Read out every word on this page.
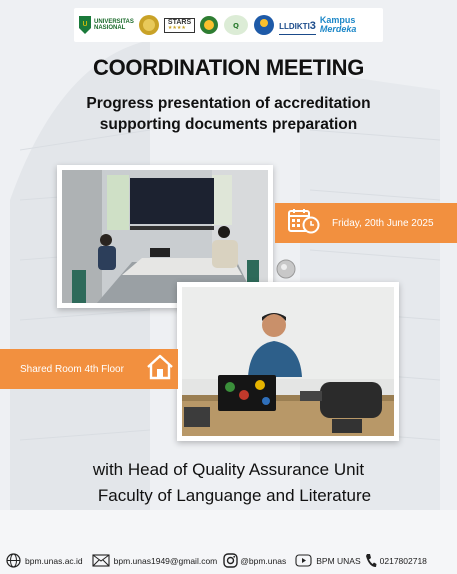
U UNIVERSITAS
NASIONAL
STARS
★★★★	Q	LLDIKTI3 Kampus
Merdeka
COORDINATION MEETING
Progress presentation of accreditation
supporting documents preparation
Friday, 20th June 2025
Shared Room 4th Floor
with Head of Quality Assurance Unit
Faculty of Languange and Literature
bpm.unas.ac.id	bpm.unas1949@gmail.com	@bpm.unas	BPM UNAS 0217802718
